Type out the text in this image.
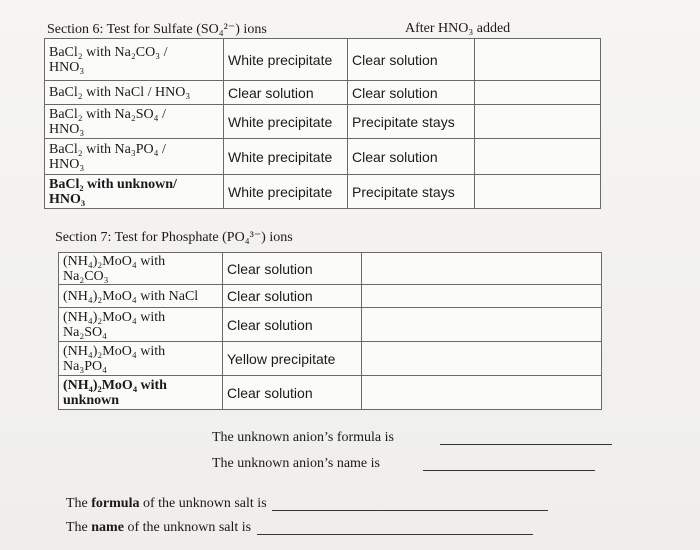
Section 6: Test for Sulfate (SO₄²⁻) ions	After HNO₃ added
BaCl₂ with Na₂CO₃ /
HNO₃	White precipitate	Clear solution	
BaCl₂ with NaCl / HNO₃	Clear solution	Clear solution	
BaCl₂ with Na₂SO₄ /
HNO₃	White precipitate	Precipitate stays	
BaCl₂ with Na₃PO₄ /
HNO₃	White precipitate	Clear solution	
BaCl₂ with unknown/
HNO₃	White precipitate	Precipitate stays	
Section 7: Test for Phosphate (PO₄³⁻) ions
(NH₄)₂MoO₄ with
Na₂CO₃	Clear solution	
(NH₄)₂MoO₄ with NaCl	Clear solution	
(NH₄)₂MoO₄ with
Na₂SO₄	Clear solution	
(NH₄)₂MoO₄ with
Na₃PO₄	Yellow precipitate	
(NH₄)₂MoO₄ with
unknown	Clear solution	
The unknown anion’s formula is
The unknown anion’s name is
The formula of the unknown salt is
The name of the unknown salt is
